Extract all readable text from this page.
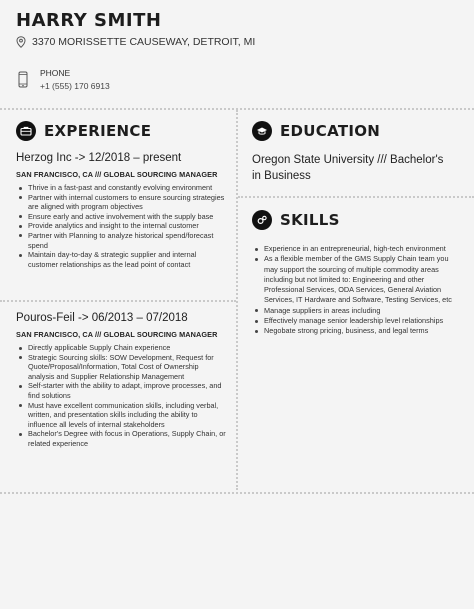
HARRY SMITH
3370 MORISSETTE CAUSEWAY, DETROIT, MI
PHONE
+1 (555) 170 6913
EXPERIENCE
Herzog Inc -> 12/2018 – present
SAN FRANCISCO, CA /// GLOBAL SOURCING MANAGER
Thrive in a fast-past and constantly evolving environment
Partner with internal customers to ensure sourcing strategies are aligned with program objectives
Ensure early and active involvement with the supply base
Provide analytics and insight to the internal customer
Partner with Planning to analyze historical spend/forecast spend
Maintain day-to-day & strategic supplier and internal customer relationships as the lead point of contact
Pouros-Feil -> 06/2013 – 07/2018
SAN FRANCISCO, CA /// GLOBAL SOURCING MANAGER
Directly applicable Supply Chain experience
Strategic Sourcing skills: SOW Development, Request for Quote/Proposal/Information, Total Cost of Ownership analysis and Supplier Relationship Management
Self-starter with the ability to adapt, improve processes, and find solutions
Must have excellent communication skills, including verbal, written, and presentation skills including the ability to influence all levels of internal stakeholders
Bachelor's Degree with focus in Operations, Supply Chain, or related experience
EDUCATION
Oregon State University /// Bachelor's in Business
SKILLS
Experience in an entrepreneurial, high-tech environment
As a flexible member of the GMS Supply Chain team you may support the sourcing of multiple commodity areas including but not limited to: Engineering and other Professional Services, ODA Services, General Aviation Services, IT Hardware and Software, Testing Services, etc
Manage suppliers in areas including
Effectively manage senior leadership level relationships
Negobate strong pricing, business, and legal terms
